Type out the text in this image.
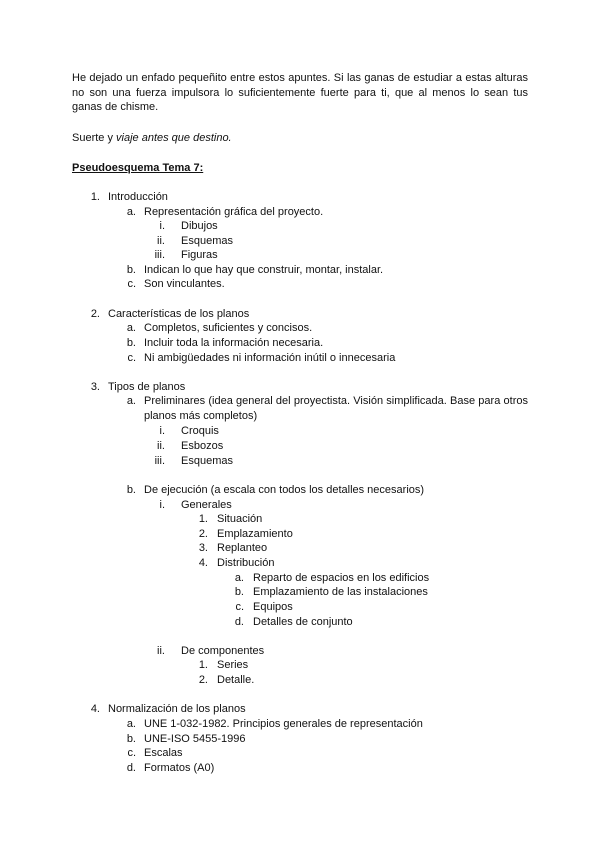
He dejado un enfado pequeñito entre estos apuntes. Si las ganas de estudiar a estas alturas no son una fuerza impulsora lo suficientemente fuerte para ti, que al menos lo sean tus ganas de chisme.

Suerte y viaje antes que destino.
Pseudoesquema Tema 7:
1. Introducción
a. Representación gráfica del proyecto.
i. Dibujos
ii. Esquemas
iii. Figuras
b. Indican lo que hay que construir, montar, instalar.
c. Son vinculantes.
2. Características de los planos
a. Completos, suficientes y concisos.
b. Incluir toda la información necesaria.
c. Ni ambigüedades ni información inútil o innecesaria
3. Tipos de planos
a. Preliminares (idea general del proyectista. Visión simplificada. Base para otros planos más completos)
i. Croquis
ii. Esbozos
iii. Esquemas
b. De ejecución (a escala con todos los detalles necesarios)
i. Generales
1. Situación
2. Emplazamiento
3. Replanteo
4. Distribución
a. Reparto de espacios en los edificios
b. Emplazamiento de las instalaciones
c. Equipos
d. Detalles de conjunto
ii. De componentes
1. Series
2. Detalle.
4. Normalización de los planos
a. UNE 1-032-1982. Principios generales de representación
b. UNE-ISO 5455-1996
c. Escalas
d. Formatos (A0)
